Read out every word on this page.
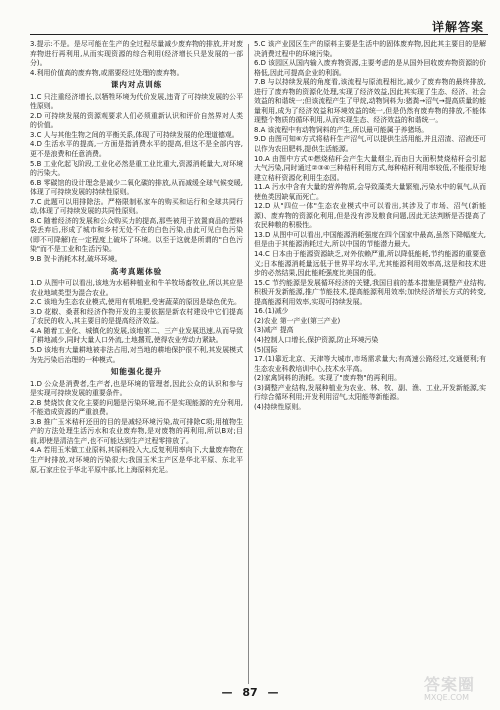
详解答案
3.提示:不是。是尽可能在生产的全过程尽量减少废弃物的排放,并对废弃物进行再利用,从而实现资源的综合利用(经济增长只是发展的一部分)。
4.利用价值高的废弃物,或需要经过处理的废弃物。
课内对点训练
1.C 只注重经济增长,以牺牲环境为代价发展,违背了可持续发展的公平性原则。
2.D 可持续发展的资源观要求人们必须重新认识和评价自然界对人类的价值。
3.C 人与其他生物之间的平衡关系,体现了可持续发展的伦理道德观。
4.D 生活水平的提高,一方面是指消费水平的提高,但这不是全部内容,更不是浪费和任意消费。
5.B 工业化起飞阶段,工业化必然是重工业比重大,资源消耗量大,对环境的污染大。
6.B 零碳馆的设计理念是减少二氧化碳的排放,从而减缓全球气候变暖,体现了可持续发展的持续性原则。
7.C 此题可以用排除法。严格限制私家车的购买和运行和全球共同行动,体现了可持续发展的共同性原则。
8.C 随着经济的发展和公众购买力的提高,那些被用于放置商品的塑料袋丢弃后,形成了城市和乡村无处不在的白色污染,由此可见白色污染(即不可降解)在一定程度上破坏了环境。以至于这就是所谓的"白色污染"而不是工业和生活污染。
9.B 贺卡消耗木材,破坏环境。
高考真题体验
1.D 从图中可以看出,该地为水稻种植业和牛羊牧场畜牧业,所以其应是农业地域类型为混合农业。
2.C 该地为生态农业模式,使用有机堆肥,受害蔬菜的原因是绿色优先。
3.D 花椒、桑葚和经济作物开发的主要依据是新农村建设中它们提高了农民的收入,其主要目的是提高经济效益。
4.A 随着工业化、城镇化的发展,该地第二、三产业发展迅速,从而导致了耕地减少,同时大量人口外流,土地撂荒,使得农业劳动力紧缺。
5.D 该地有大量耕地被非法占用,对当地的耕地保护很不利,其发展模式为先污染后治理的一种模式。
知能强化提升
1.D 公众是消费者,生产者,也是环境的管理者,因此公众的认识和参与是实现可持续发展的重要条件。
2.B 焚烧饮食文化主要的问题是污染环境,而不是实现能源的充分利用,不能造成资源的严重浪费。
3.B 推广玉米秸秆还田的目的是减轻环境污染,故可排除C项;用植物生产的方法处理生活污水和农业废弃物,是对废物的再利用,所以B对;目前,即使是清洁生产,也不可能达到生产过程零排放了。
4.A 若用玉米做工业原料,其原料投入大,反复利用率向下,大量废弃物在生产时排放,对环境的污染很大;我国玉米主产区是华北平原、东北平原,石家庄位于华北平原中部,比上海原料充足。
5.C 该产业园区生产的原料主要是生活中的固体废弃物,因此其主要目的是解决消费过程中的环境污染。
6.D 该园区从国内输入废弃物资源,主要考虑的是从国外回收废弃物资源的价格低,因此可提高企业的利润。
7.B 与以持续发展的角度看,该流程与原流程相比,减少了废弃物的最终排放,进行了废弃物的资源化处理,实现了经济效益,因此其实现了生态、经济、社会效益的和谐统一;但该流程产生了甲烷,动物饲料为:猪粪→沼气→提高质量的能量利用,成为了经济效益和环境效益的统一,但是仍然有废弃物的排放,不能体现整个物质的循环利用,从而实现生态、经济效益的和谐统一。
8.A 该流程中有动物饲料的产生,所以最可能属于养猪场。
9.D 由图可知⑥方式将秸秆生产沼气,可以提供生活用能,并且沼渣、沼液还可以作为农田肥料,提供生活能源。
10.A 由图中方式①燃烧秸秆会产生大量烟尘,而由日大面积焚烧秸秆会引起大气污染,同时通过②③④三种秸秆利用方式,每种秸秆利用率较低,不能很好地建立秸秆资源化利用生态园。
11.A 污水中含有大量的营养物质,会导致藻类大量繁殖,污染水中的氧气,从而使鱼类因缺氧而死亡。
12.D 从"四位一体"生态农业模式中可以看出,其涉及了市场、沼气(新能源)、废弃物的资源化利用,但是没有涉及粮食问题,因此无法判断是否提高了农民种粮的积极性。
13.D 从图中可以看出,中国能源消耗强度在四个国家中最高,虽然下降幅度大,但是由于其能源消耗过大,所以中国的节能潜力最大。
14.C 日本由于能源资源缺乏,对外依赖严重,所以降低能耗,节约能源的重要意义;日本能源消耗量远低于世界平均水平,尤其能源利用效率高,这是和技术进步的必然结果,因此能耗强度比美国的低。
15.C 节约能源是发展循环经济的关键,我国目前的基本措施是调整产业结构,积极开发新能源,推广节能技术,提高能源利用效率;加快经济增长方式的转变,提高能源利用效率,实现可持续发展。
16.(1)减少
(2)农业 第一产业(第三产业)
(3)减产 提高
(4)控制人口增长,保护资源,防止环境污染
(5)国际
17.(1)靠近北京、天津等大城市,市场需求量大;有高速公路经过,交通便利;有生态农业科教培训中心,技术水平高。
(2)家禽饲料的消耗。实现了"废弃物"的再利用。
(3)调整产业结构,发展种植业为农业、林、牧、副、渔、工业,开发新能源,实行综合循环利用;开发利用沼气,太阳能等新能源。
(4)持续性原则。
— 87 —	答案圈
MXQE.COM
